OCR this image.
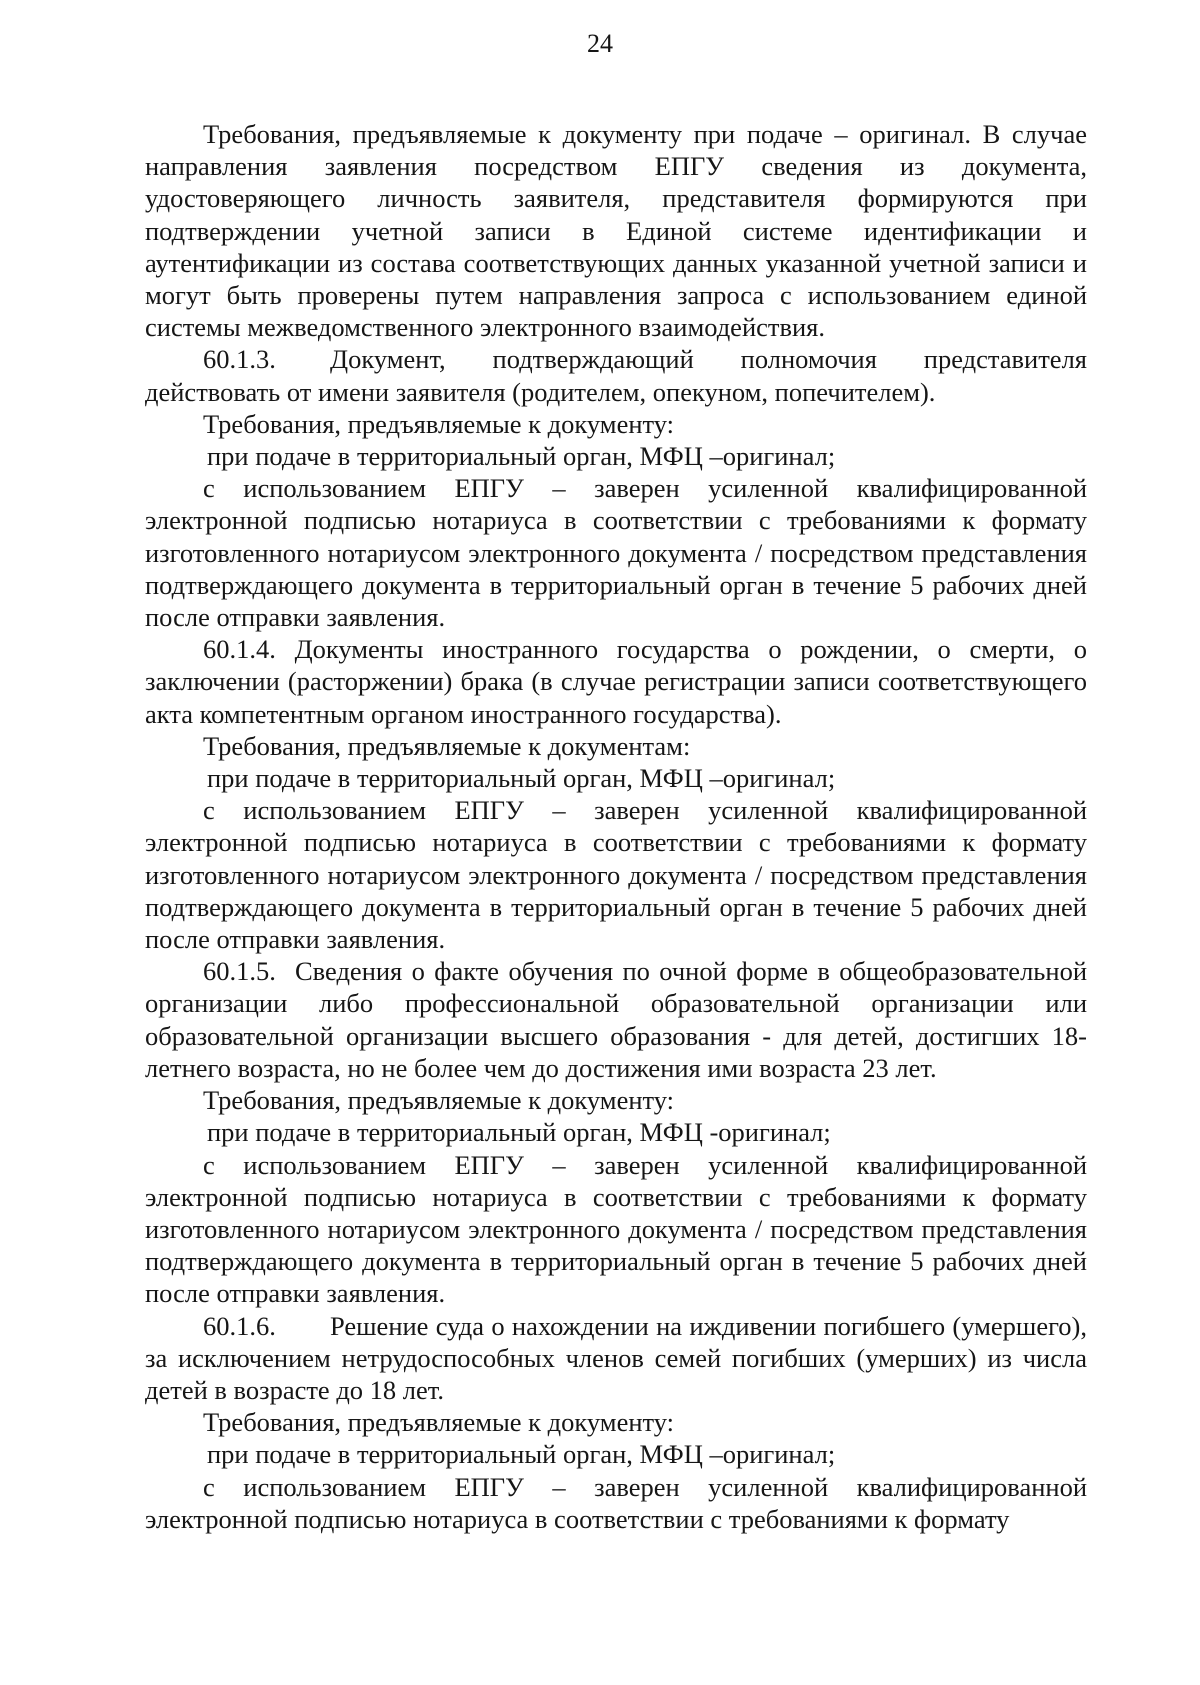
24

Требования, предъявляемые к документу при подаче – оригинал. В случае направления заявления посредством ЕПГУ сведения из документа, удостоверяющего личность заявителя, представителя формируются при подтверждении учетной записи в Единой системе идентификации и аутентификации из состава соответствующих данных указанной учетной записи и могут быть проверены путем направления запроса с использованием единой системы межведомственного электронного взаимодействия.

60.1.3. Документ, подтверждающий полномочия представителя действовать от имени заявителя (родителем, опекуном, попечителем).

Требования, предъявляемые к документу:

при подаче в территориальный орган, МФЦ –оригинал;

с использованием ЕПГУ – заверен усиленной квалифицированной электронной подписью нотариуса в соответствии с требованиями к формату изготовленного нотариусом электронного документа / посредством представления подтверждающего документа в территориальный орган в течение 5 рабочих дней после отправки заявления.

60.1.4. Документы иностранного государства о рождении, о смерти, о заключении (расторжении) брака (в случае регистрации записи соответствующего акта компетентным органом иностранного государства).

Требования, предъявляемые к документам:

при подаче в территориальный орган, МФЦ –оригинал;

с использованием ЕПГУ – заверен усиленной квалифицированной электронной подписью нотариуса в соответствии с требованиями к формату изготовленного нотариусом электронного документа / посредством представления подтверждающего документа в территориальный орган в течение 5 рабочих дней после отправки заявления.

60.1.5. Сведения о факте обучения по очной форме в общеобразовательной организации либо профессиональной образовательной организации или образовательной организации высшего образования - для детей, достигших 18-летнего возраста, но не более чем до достижения ими возраста 23 лет.

Требования, предъявляемые к документу:

при подаче в территориальный орган, МФЦ -оригинал;

с использованием ЕПГУ – заверен усиленной квалифицированной электронной подписью нотариуса в соответствии с требованиями к формату изготовленного нотариусом электронного документа / посредством представления подтверждающего документа в территориальный орган в течение 5 рабочих дней после отправки заявления.

60.1.6. Решение суда о нахождении на иждивении погибшего (умершего), за исключением нетрудоспособных членов семей погибших (умерших) из числа детей в возрасте до 18 лет.

Требования, предъявляемые к документу:

при подаче в территориальный орган, МФЦ –оригинал;

с использованием ЕПГУ – заверен усиленной квалифицированной электронной подписью нотариуса в соответствии с требованиями к формату
